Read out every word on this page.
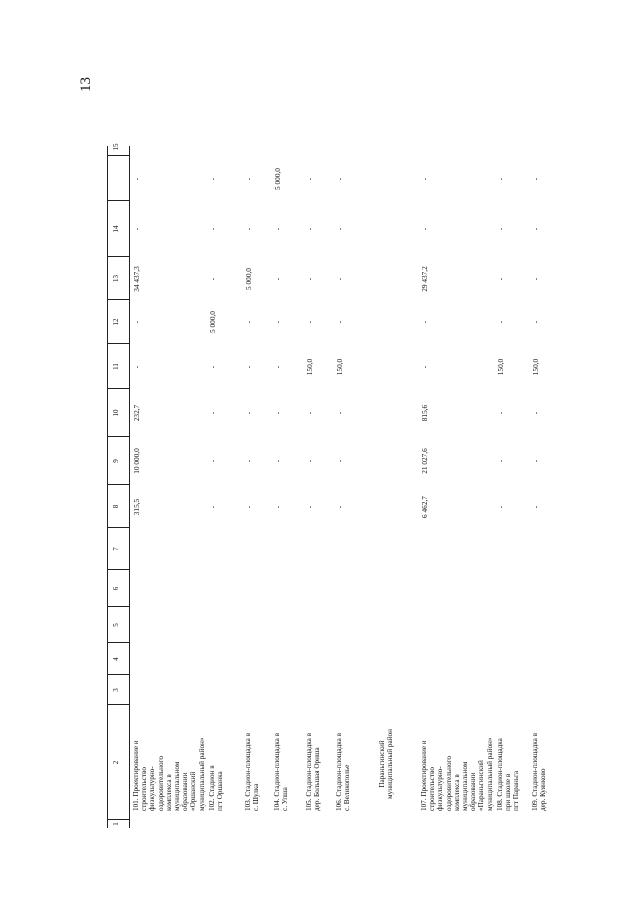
13
1
2
3
4
5
6
7
8
9
10
11
12
13
14
15
101. Проектирование и
строительство
физкультурно-
оздоровительного
комплекса в
муниципальном
образовании
«Оршанский
муниципальный район»
315,5
10 000,0
232,7
-
-
34 437,3
-
-
102. Стадион в
пгт Оршанка
-
-
-
-
5 000,0
-
-
-
103. Стадион-площадка в
с. Шулка
-
-
-
-
-
5 000,0
-
-
104. Стадион-площадка в
с. Упша
-
-
-
-
-
-
-
5 000,0
105. Стадион-площадка в
дер. Большая Ориша
-
-
-
150,0
-
-
-
-
106. Стадион-площадка в
с. Великополье
-
-
-
150,0
-
-
-
-
Параньгинский
муниципальный район
107. Проектирование и
строительство
физкультурно-
оздоровительного
комплекса в
муниципальном
образовании
«Параньгинский
муниципальный район»
6 462,7
21 027,6
815,6
-
-
29 437,2
-
-
108. Стадион-площадка
при школе в
пгт Параньга
-
-
-
150,0
-
-
-
-
109. Стадион-площадка в
дер. Куянково
-
-
-
150,0
-
-
-
-
